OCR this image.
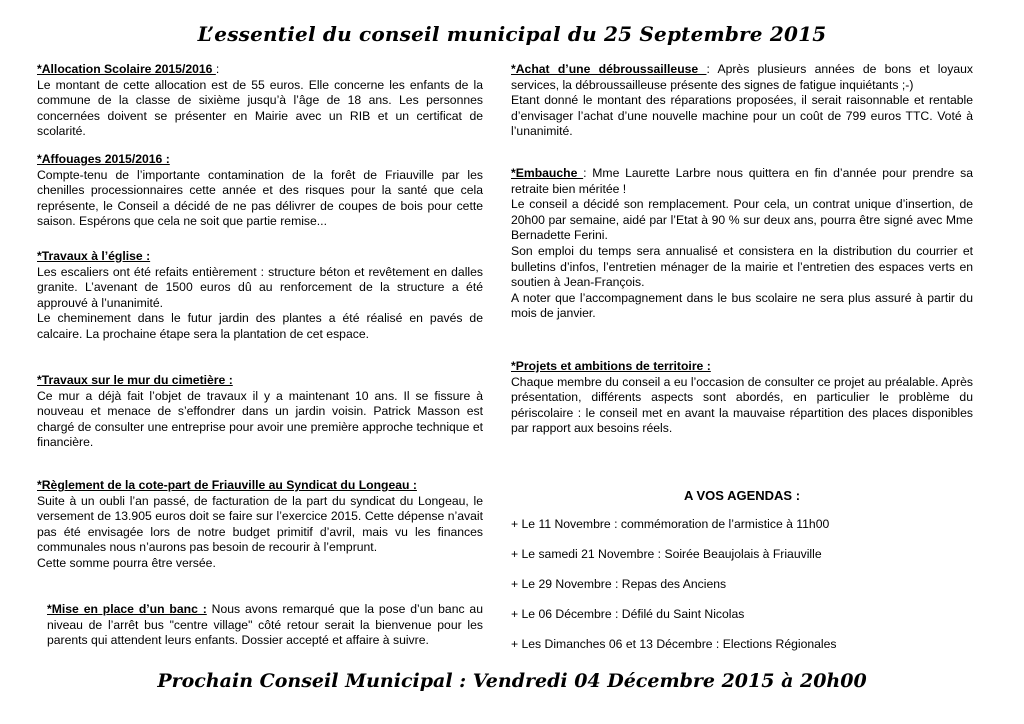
L’essentiel du conseil municipal du 25 Septembre 2015
*Allocation Scolaire 2015/2016 :
Le montant de cette allocation est de 55 euros. Elle concerne les enfants de la commune de la classe de sixième jusqu’à l’âge de 18 ans. Les personnes concernées doivent se présenter en Mairie avec un RIB et un certificat de scolarité.
*Affouages 2015/2016 :
Compte-tenu de l’importante contamination de la forêt de Friauville par les chenilles processionnaires cette année et des risques pour la santé que cela représente, le Conseil a décidé de ne pas délivrer de coupes de bois pour cette saison. Espérons que cela ne soit que partie remise...
*Travaux à l’église :

Les escaliers ont été refaits entièrement : structure béton et revêtement en dalles granite. L’avenant de 1500 euros dû au renforcement de la structure a été approuvé à l’unanimité.

Le cheminement dans le futur jardin des plantes a été réalisé en pavés de calcaire. La prochaine étape sera la plantation de cet espace.

*Travaux sur le mur du cimetière :
Ce mur a déjà fait l’objet de travaux il y a maintenant 10 ans. Il se fissure à nouveau et menace de s’effondrer dans un jardin voisin. Patrick Masson est chargé de consulter une entreprise pour avoir une première approche technique et financière.
*Règlement de la cote-part de Friauville au Syndicat du Longeau :

Suite à un oubli l’an passé, de facturation de la part du syndicat du Longeau, le versement de 13.905 euros doit se faire sur l’exercice 2015. Cette dépense n’avait pas été envisagée lors de notre budget primitif d’avril, mais vu les finances communales nous n’aurons pas besoin de recourir à l’emprunt.

Cette somme pourra être versée.

*Mise en place d’un banc : Nous avons remarqué que la pose d’un banc au niveau de l’arrêt bus "centre village" côté retour serait la bienvenue pour les parents qui attendent leurs enfants. Dossier accepté et affaire à suivre.

*Achat d’une débroussailleuse : Après plusieurs années de bons et loyaux services, la débroussailleuse présente des signes de fatigue inquiétants ;-)

Etant donné le montant des réparations proposées, il serait raisonnable et rentable d’envisager l’achat d’une nouvelle machine pour un coût de 799 euros TTC. Voté à l’unanimité.

*Embauche : Mme Laurette Larbre nous quittera en fin d’année pour prendre sa retraite bien méritée !

Le conseil a décidé son remplacement. Pour cela, un contrat unique d’insertion, de 20h00 par semaine, aidé par l’Etat à 90 % sur deux ans, pourra être signé avec Mme Bernadette Ferini.

Son emploi du temps sera annualisé et consistera en la distribution du courrier et bulletins d’infos, l’entretien ménager de la mairie et l’entretien des espaces verts en soutien à Jean-François.

A noter que l’accompagnement dans le bus scolaire ne sera plus assuré à partir du mois de janvier.

*Projets et ambitions de territoire :
Chaque membre du conseil a eu l’occasion de consulter ce projet au préalable. Après présentation, différents aspects sont abordés, en particulier le problème du périscolaire : le conseil met en avant la mauvaise répartition des places disponibles par rapport aux besoins réels.
A VOS AGENDAS :
+ Le 11 Novembre : commémoration de l’armistice à 11h00
+ Le samedi 21 Novembre : Soirée Beaujolais à Friauville
+ Le 29 Novembre : Repas des Anciens
+ Le 06 Décembre : Défilé du Saint Nicolas
+ Les Dimanches 06 et 13 Décembre : Elections Régionales
Prochain Conseil Municipal : Vendredi 04 Décembre 2015 à 20h00
